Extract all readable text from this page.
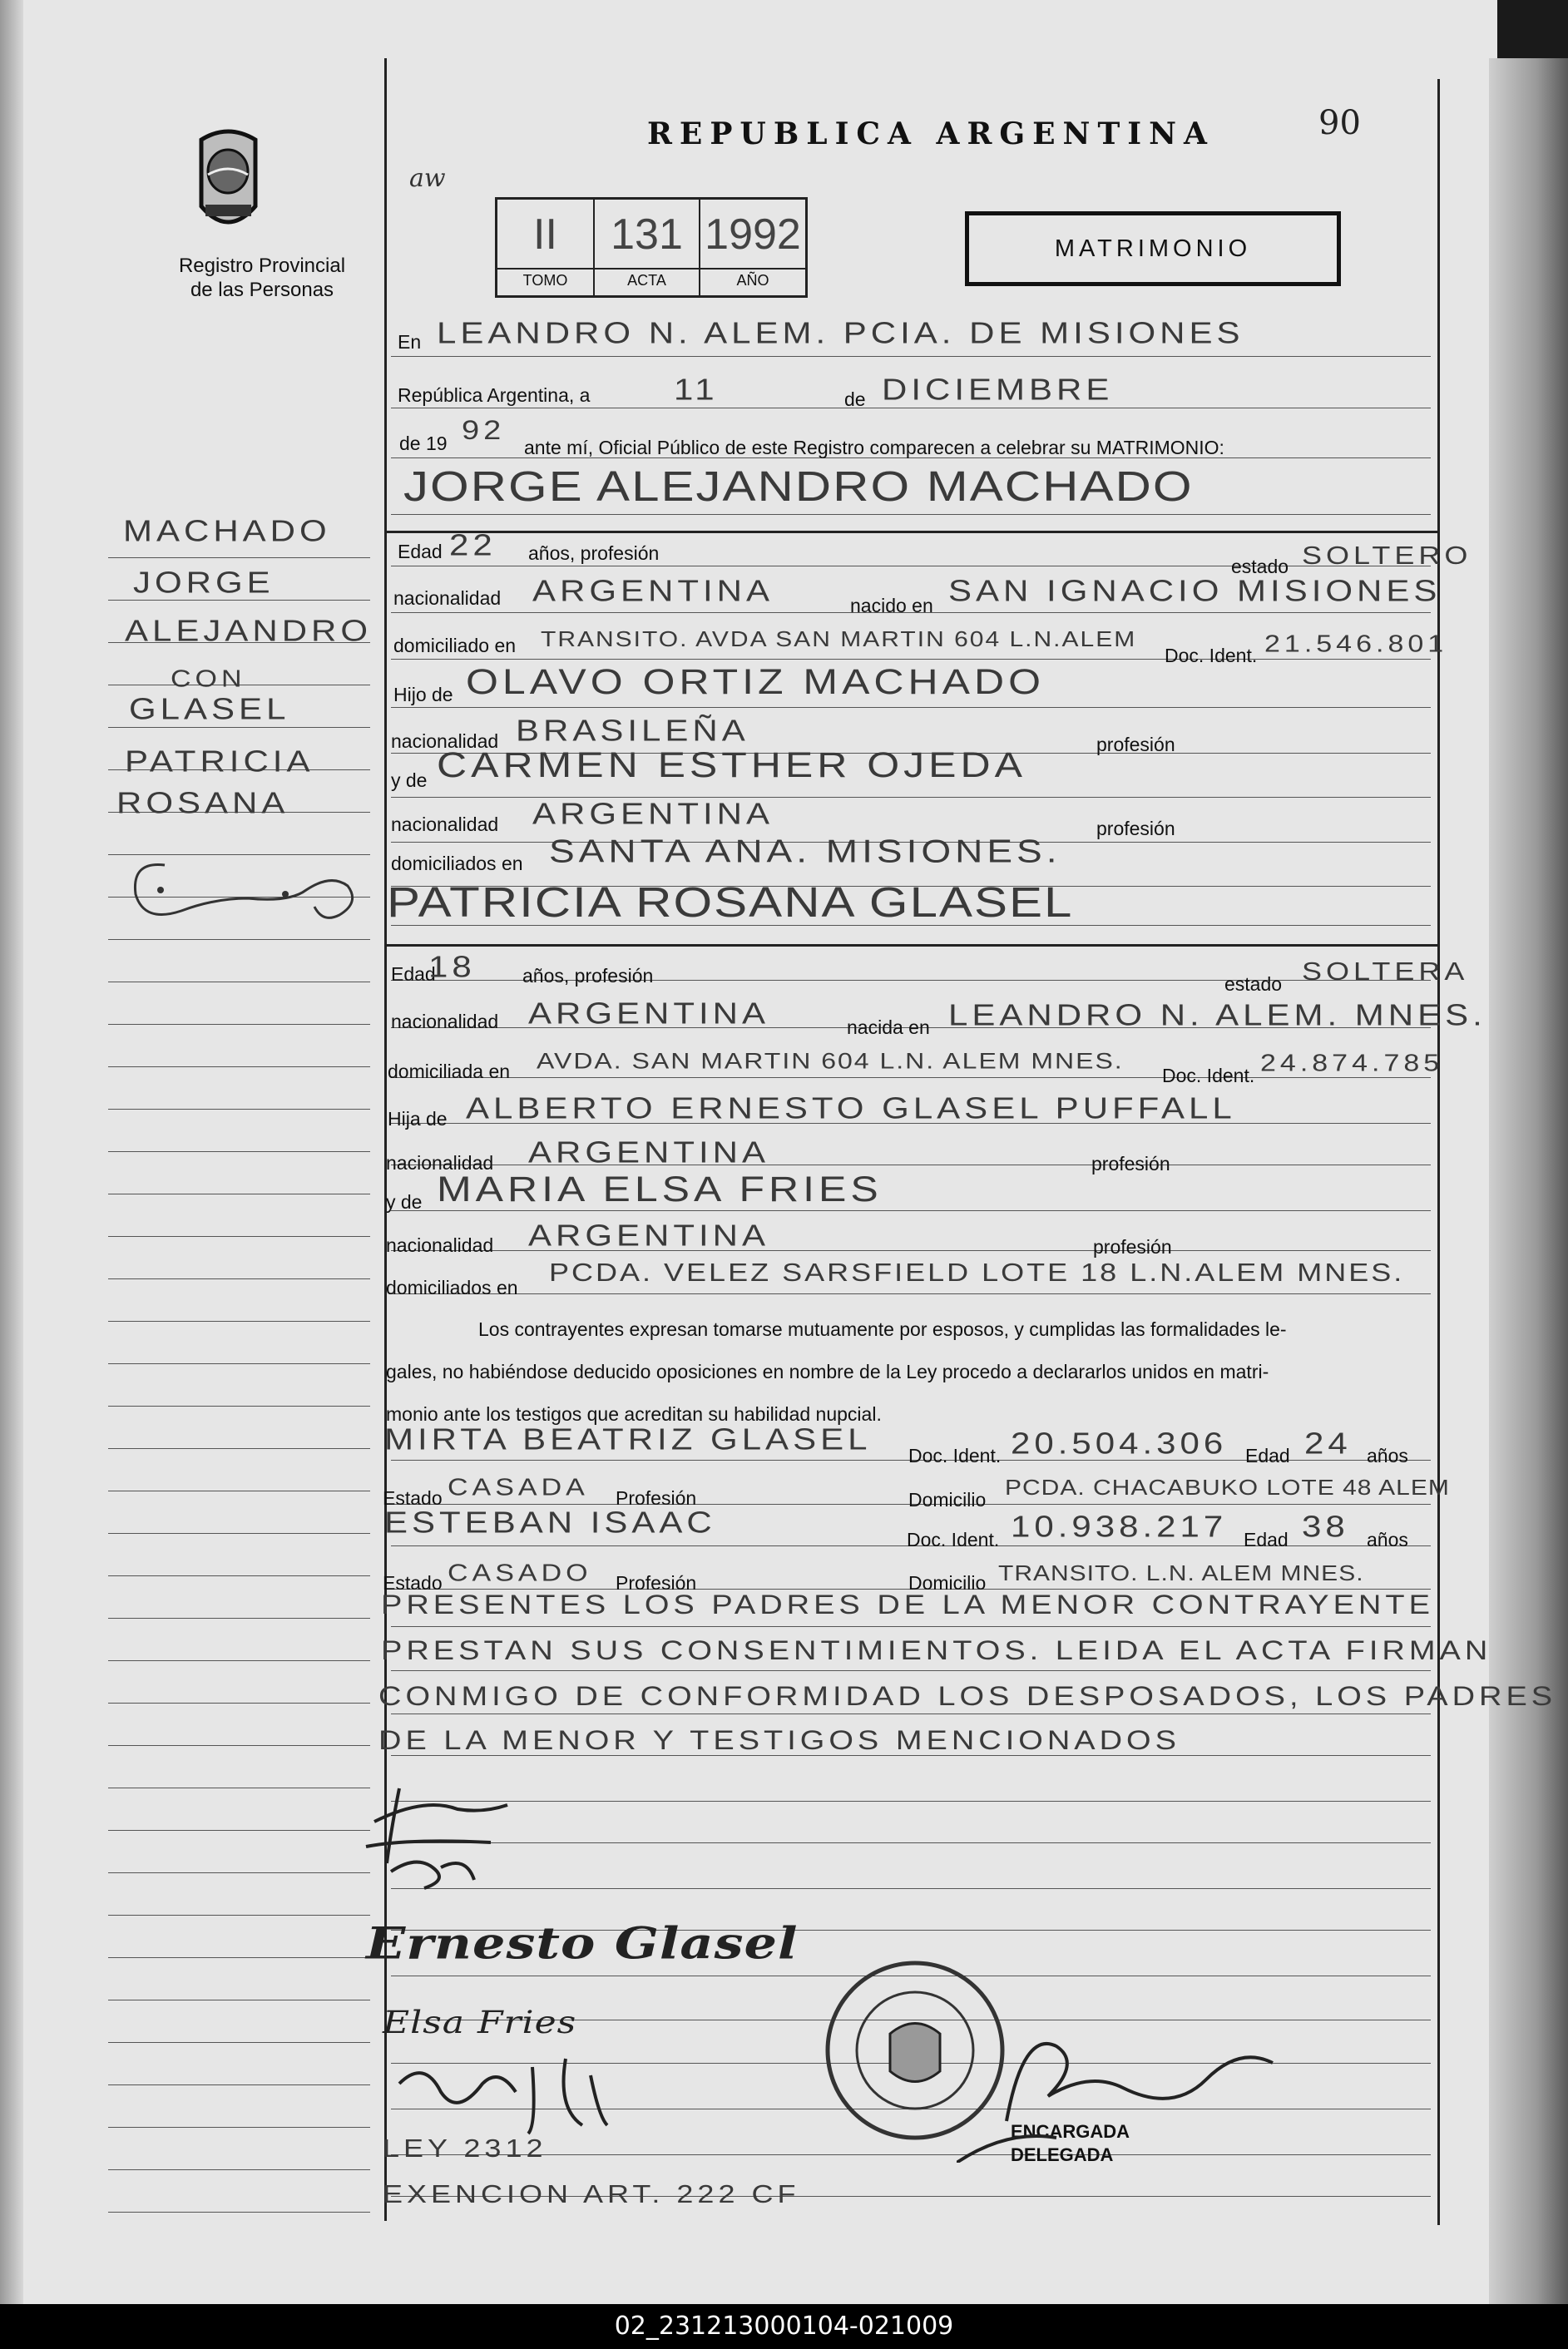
REPUBLICA ARGENTINA	90
aw
Registro Provincial
de las Personas
II
TOMO
131
ACTA
1992
AÑO
MATRIMONIO
MACHADO
JORGE
ALEJANDRO
CON
GLASEL
PATRICIA
ROSANA
En LEANDRO N. ALEM. PCIA. DE MISIONES
República Argentina, a 11	de DICIEMBRE
de 19 92
ante mí, Oficial Público de este Registro comparecen a celebrar su MATRIMONIO:
JORGE ALEJANDRO MACHADO
Edad 22 años, profesión
estado SOLTERO
nacionalidad ARGENTINA	nacido en SAN IGNACIO MISIONES
domiciliado en TRANSITO. AVDA SAN MARTIN 604 L.N.ALEM
Doc. Ident. 21.546.801
Hijo de OLAVO ORTIZ MACHADO
nacionalidad BRASILEÑA	profesión
y de CARMEN ESTHER OJEDA
nacionalidad ARGENTINA	profesión
domiciliados en SANTA ANA. MISIONES.
PATRICIA ROSANA GLASEL
Edad
18 años, profesión	estado SOLTERA
nacionalidad ARGENTINA	nacida en LEANDRO N. ALEM. MNES.
domiciliada en AVDA. SAN MARTIN 604 L.N. ALEM MNES.
Doc. Ident. 24.874.785
Hija de ALBERTO ERNESTO GLASEL PUFFALL
nacionalidad ARGENTINA	profesión
y de MARIA ELSA FRIES
nacionalidad ARGENTINA	profesión
domiciliados en
PCDA. VELEZ SARSFIELD LOTE 18 L.N.ALEM MNES.
Los contrayentes expresan tomarse mutuamente por esposos, y cumplidas las formalidades le-
gales, no habiéndose deducido oposiciones en nombre de la Ley procedo a declararlos unidos en matri-
monio ante los testigos que acreditan su habilidad nupcial.
MIRTA BEATRIZ GLASEL
Doc. Ident. 20.504.306 Edad 24 años
Estado CASADA Profesión	Domicilio PCDA. CHACABUKO LOTE 48 ALEM
ESTEBAN ISAAC
Doc. Ident. 10.938.217 Edad 38 años
Estado CASADO Profesión	Domicilio TRANSITO. L.N. ALEM MNES.
PRESENTES LOS PADRES DE LA MENOR CONTRAYENTE
PRESTAN SUS CONSENTIMIENTOS. LEIDA EL ACTA FIRMAN
CONMIGO DE CONFORMIDAD LOS DESPOSADOS, LOS PADRES
DE LA MENOR Y TESTIGOS MENCIONADOS
Ernesto Glasel
Elsa Fries
LEY 2312
EXENCION ART. 222 CF
ENCARGADA
DELEGADA
02_231213000104-021009
